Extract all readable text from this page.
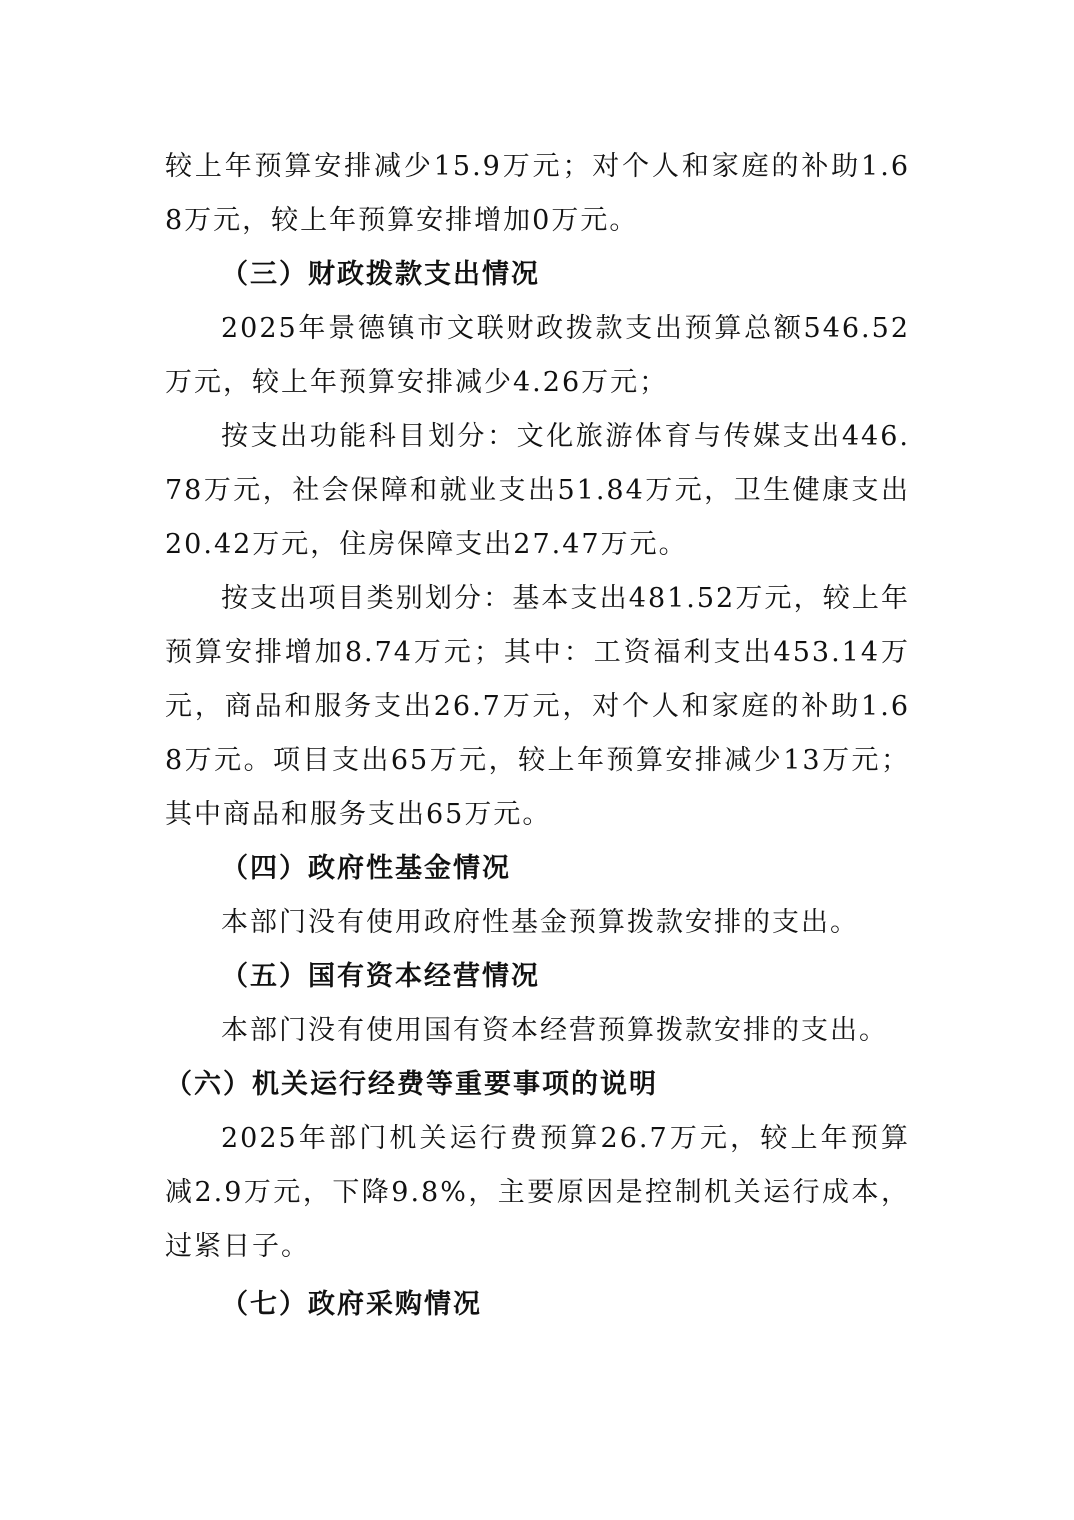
较上年预算安排减少15.9万元；对个人和家庭的补助1.68万元，较上年预算安排增加0万元。

（三）财政拨款支出情况

2025年景德镇市文联财政拨款支出预算总额546.52万元，较上年预算安排减少4.26万元；

按支出功能科目划分：文化旅游体育与传媒支出446.78万元，社会保障和就业支出51.84万元，卫生健康支出20.42万元，住房保障支出27.47万元。

按支出项目类别划分：基本支出481.52万元，较上年预算安排增加8.74万元；其中：工资福利支出453.14万元，商品和服务支出26.7万元，对个人和家庭的补助1.68万元。项目支出65万元，较上年预算安排减少13万元；其中商品和服务支出65万元。

（四）政府性基金情况

本部门没有使用政府性基金预算拨款安排的支出。

（五）国有资本经营情况

本部门没有使用国有资本经营预算拨款安排的支出。

（六）机关运行经费等重要事项的说明

2025年部门机关运行费预算26.7万元，较上年预算减2.9万元，下降9.8%，主要原因是控制机关运行成本，过紧日子。

（七）政府采购情况
